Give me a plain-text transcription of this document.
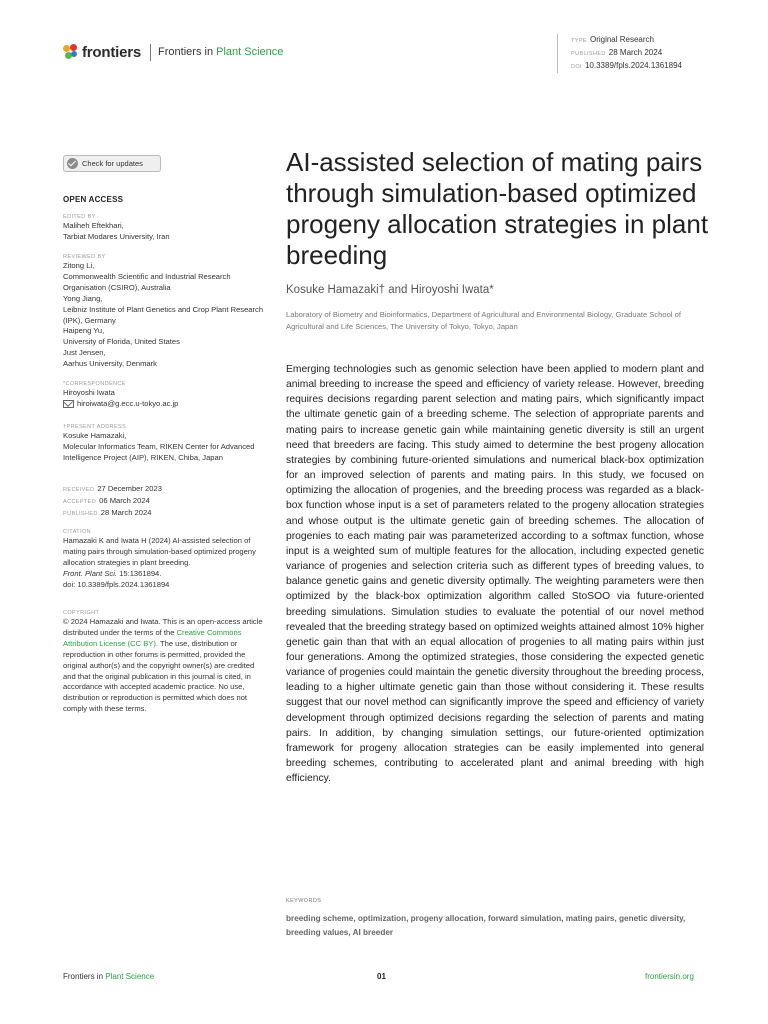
frontiers Frontiers in Plant Science
TYPE Original Research
PUBLISHED 28 March 2024
DOI 10.3389/fpls.2024.1361894
Check for updates
OPEN ACCESS
EDITED BY
Maliheh Eftekhari,
Tarbiat Modares University, Iran
REVIEWED BY
Zitong Li,
Commonwealth Scientific and Industrial Research Organisation (CSIRO), Australia
Yong Jiang,
Leibniz Institute of Plant Genetics and Crop Plant Research (IPK), Germany
Haipeng Yu,
University of Florida, United States
Just Jensen,
Aarhus University, Denmark
*CORRESPONDENCE
Hiroyoshi Iwata
hiroiwata@g.ecc.u-tokyo.ac.jp
†PRESENT ADDRESS
Kosuke Hamazaki,
Molecular Informatics Team, RIKEN Center for Advanced Intelligence Project (AIP), RIKEN, Chiba, Japan
RECEIVED 27 December 2023
ACCEPTED 06 March 2024
PUBLISHED 28 March 2024
CITATION
Hamazaki K and Iwata H (2024) AI-assisted selection of mating pairs through simulation-based optimized progeny allocation strategies in plant breeding.
Front. Plant Sci. 15:1361894.
doi: 10.3389/fpls.2024.1361894
COPYRIGHT
© 2024 Hamazaki and Iwata. This is an open-access article distributed under the terms of the Creative Commons Attribution License (CC BY). The use, distribution or reproduction in other forums is permitted, provided the original author(s) and the copyright owner(s) are credited and that the original publication in this journal is cited, in accordance with accepted academic practice. No use, distribution or reproduction is permitted which does not comply with these terms.
AI-assisted selection of mating pairs through simulation-based optimized progeny allocation strategies in plant breeding
Kosuke Hamazaki† and Hiroyoshi Iwata*
Laboratory of Biometry and Bioinformatics, Department of Agricultural and Environmental Biology, Graduate School of Agricultural and Life Sciences, The University of Tokyo, Tokyo, Japan
Emerging technologies such as genomic selection have been applied to modern plant and animal breeding to increase the speed and efficiency of variety release. However, breeding requires decisions regarding parent selection and mating pairs, which significantly impact the ultimate genetic gain of a breeding scheme. The selection of appropriate parents and mating pairs to increase genetic gain while maintaining genetic diversity is still an urgent need that breeders are facing. This study aimed to determine the best progeny allocation strategies by combining future-oriented simulations and numerical black-box optimization for an improved selection of parents and mating pairs. In this study, we focused on optimizing the allocation of progenies, and the breeding process was regarded as a black-box function whose input is a set of parameters related to the progeny allocation strategies and whose output is the ultimate genetic gain of breeding schemes. The allocation of progenies to each mating pair was parameterized according to a softmax function, whose input is a weighted sum of multiple features for the allocation, including expected genetic variance of progenies and selection criteria such as different types of breeding values, to balance genetic gains and genetic diversity optimally. The weighting parameters were then optimized by the black-box optimization algorithm called StoSOO via future-oriented breeding simulations. Simulation studies to evaluate the potential of our novel method revealed that the breeding strategy based on optimized weights attained almost 10% higher genetic gain than that with an equal allocation of progenies to all mating pairs within just four generations. Among the optimized strategies, those considering the expected genetic variance of progenies could maintain the genetic diversity throughout the breeding process, leading to a higher ultimate genetic gain than those without considering it. These results suggest that our novel method can significantly improve the speed and efficiency of variety development through optimized decisions regarding the selection of parents and mating pairs. In addition, by changing simulation settings, our future-oriented optimization framework for progeny allocation strategies can be easily implemented into general breeding schemes, contributing to accelerated plant and animal breeding with high efficiency.
KEYWORDS
breeding scheme, optimization, progeny allocation, forward simulation, mating pairs, genetic diversity, breeding values, AI breeder
Frontiers in Plant Science	01	frontiersin.org
